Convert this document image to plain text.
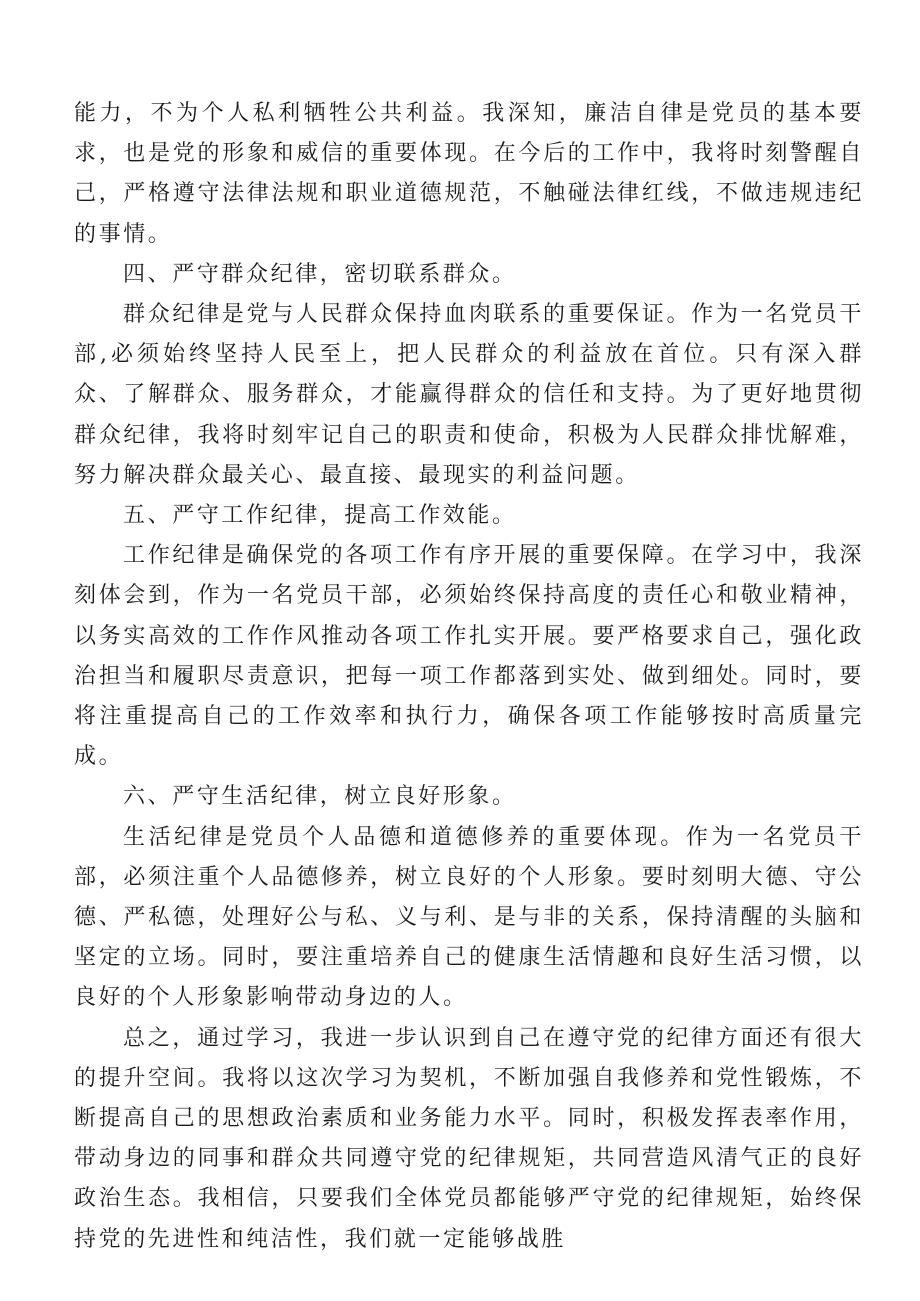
能力，不为个人私利牺牲公共利益。我深知，廉洁自律是党员的基本要求，也是党的形象和威信的重要体现。在今后的工作中，我将时刻警醒自己，严格遵守法律法规和职业道德规范，不触碰法律红线，不做违规违纪的事情。

四、严守群众纪律，密切联系群众。

群众纪律是党与人民群众保持血肉联系的重要保证。作为一名党员干部,必须始终坚持人民至上，把人民群众的利益放在首位。只有深入群众、了解群众、服务群众，才能赢得群众的信任和支持。为了更好地贯彻群众纪律，我将时刻牢记自己的职责和使命，积极为人民群众排忧解难，努力解决群众最关心、最直接、最现实的利益问题。

五、严守工作纪律，提高工作效能。

工作纪律是确保党的各项工作有序开展的重要保障。在学习中，我深刻体会到，作为一名党员干部，必须始终保持高度的责任心和敬业精神，以务实高效的工作作风推动各项工作扎实开展。要严格要求自己，强化政治担当和履职尽责意识，把每一项工作都落到实处、做到细处。同时，要将注重提高自己的工作效率和执行力，确保各项工作能够按时高质量完成。

六、严守生活纪律，树立良好形象。

生活纪律是党员个人品德和道德修养的重要体现。作为一名党员干部，必须注重个人品德修养，树立良好的个人形象。要时刻明大德、守公德、严私德，处理好公与私、义与利、是与非的关系，保持清醒的头脑和坚定的立场。同时，要注重培养自己的健康生活情趣和良好生活习惯，以良好的个人形象影响带动身边的人。

总之，通过学习，我进一步认识到自己在遵守党的纪律方面还有很大的提升空间。我将以这次学习为契机，不断加强自我修养和党性锻炼，不断提高自己的思想政治素质和业务能力水平。同时，积极发挥表率作用，带动身边的同事和群众共同遵守党的纪律规矩，共同营造风清气正的良好政治生态。我相信，只要我们全体党员都能够严守党的纪律规矩，始终保持党的先进性和纯洁性，我们就一定能够战胜
